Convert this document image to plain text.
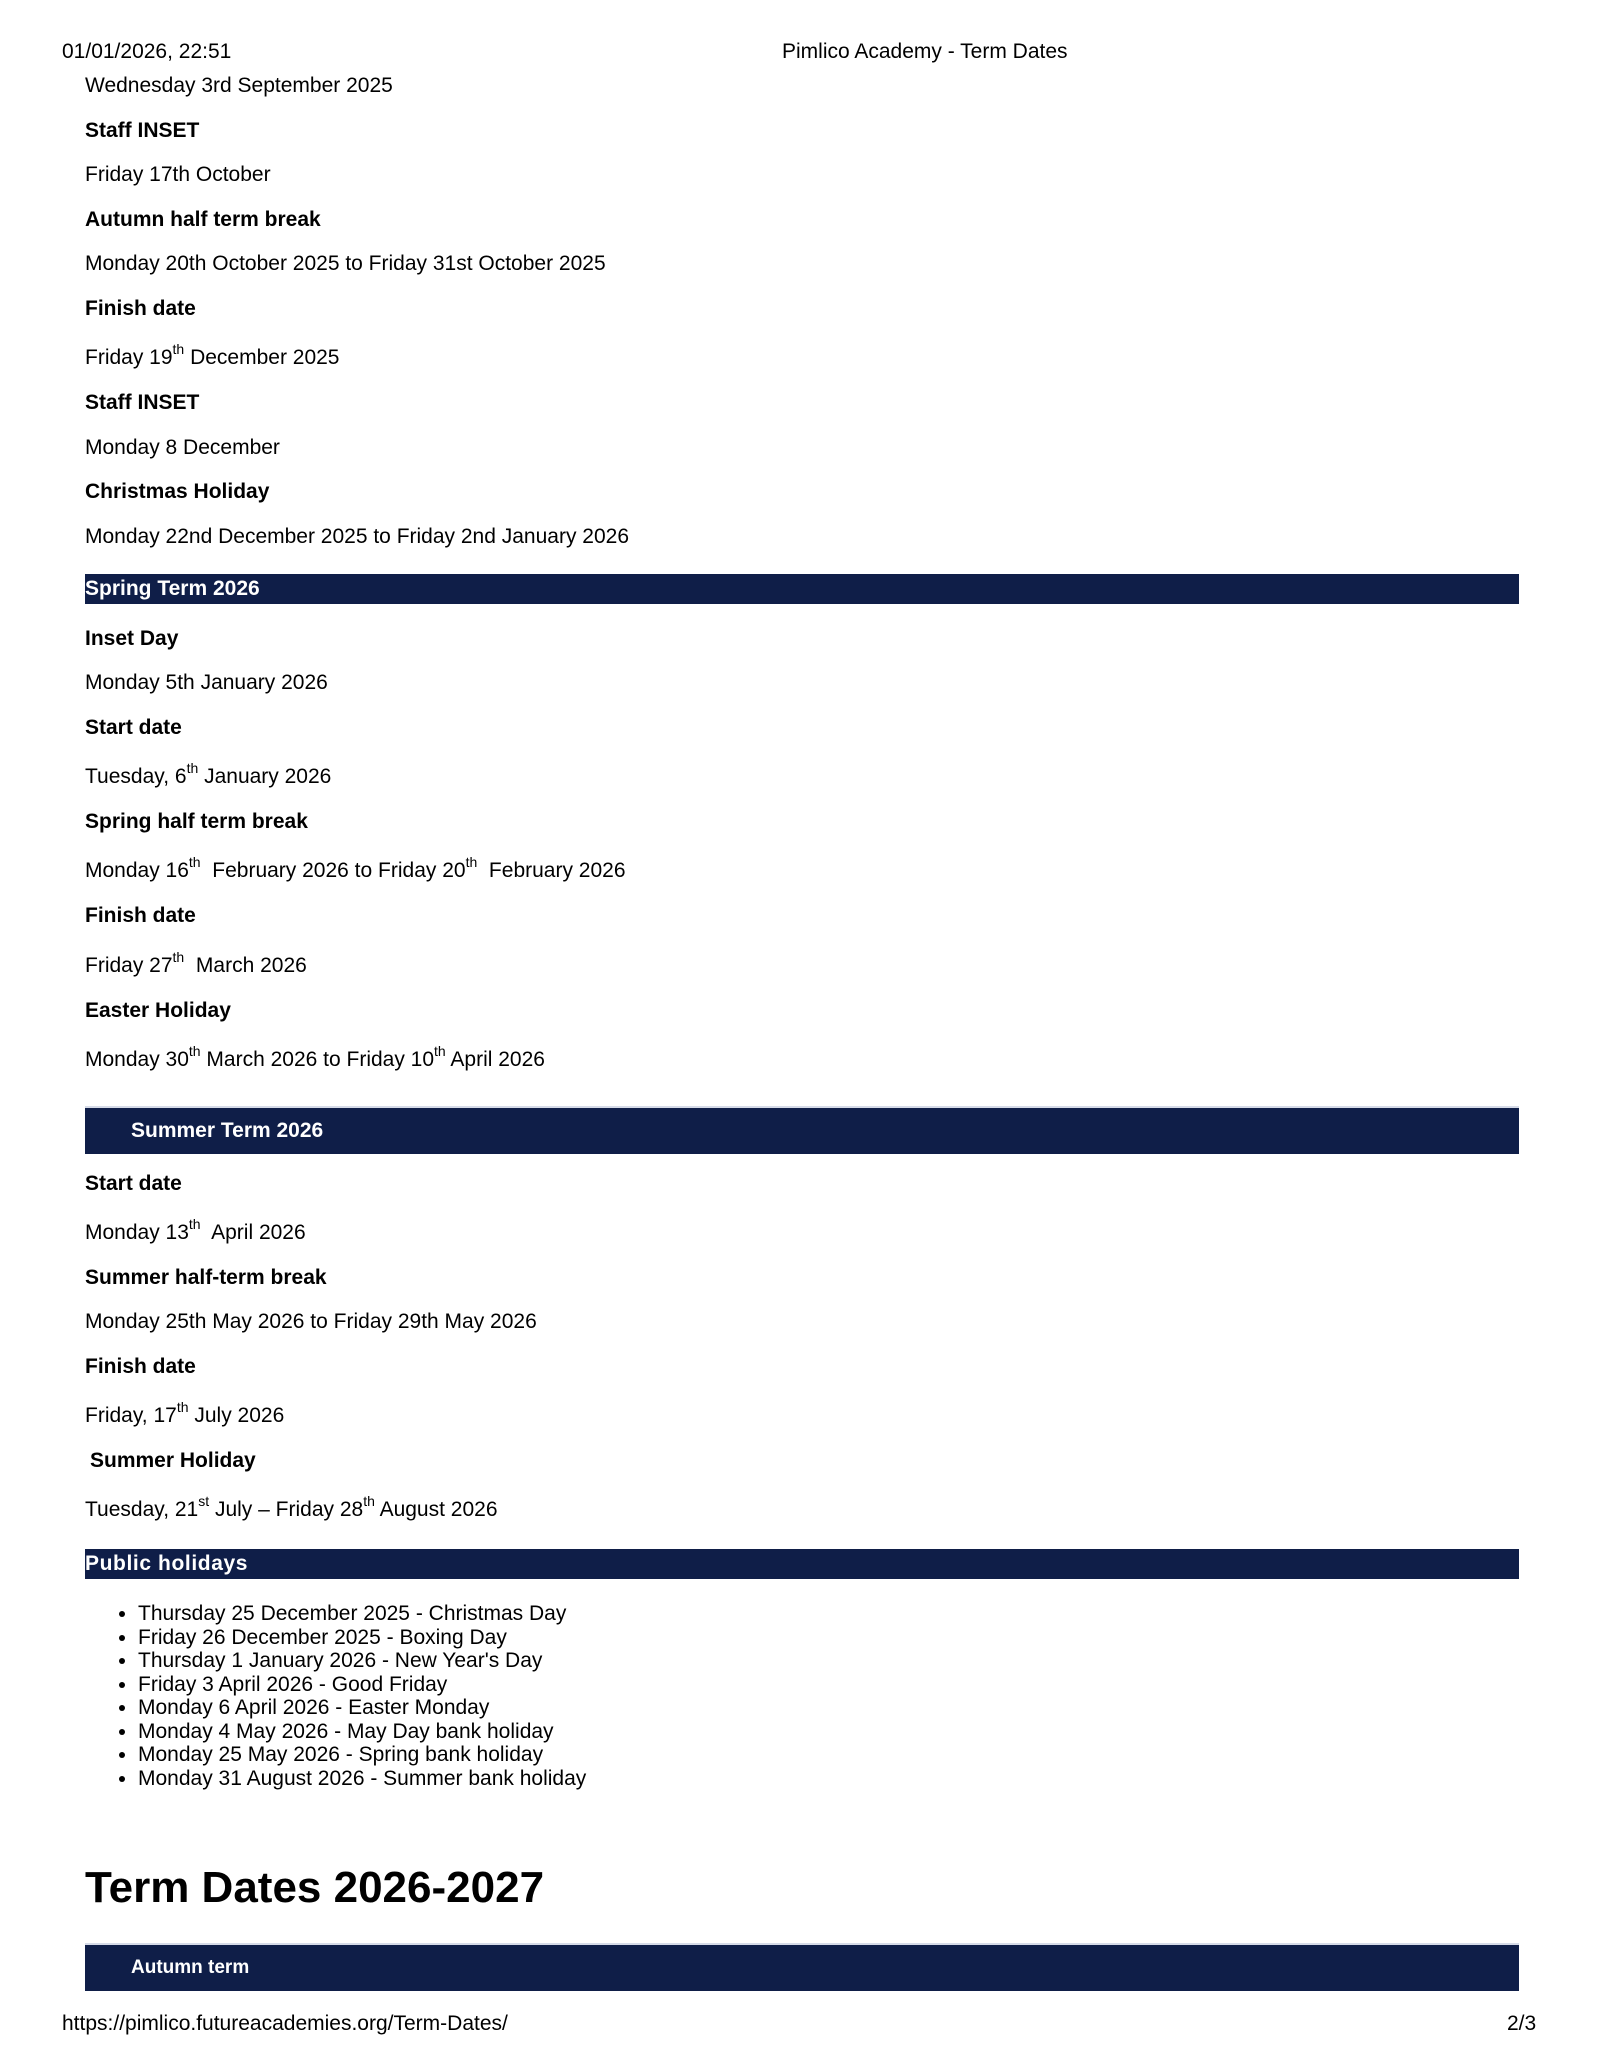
01/01/2026, 22:51	Pimlico Academy - Term Dates
Wednesday 3rd September 2025
Staff INSET
Friday 17th October
Autumn half term break
Monday 20th October 2025 to Friday 31st October 2025
Finish date
Friday 19th December 2025
Staff INSET
Monday 8 December
Christmas Holiday
Monday 22nd December 2025 to Friday 2nd January 2026
Spring Term 2026
Inset Day
Monday 5th January 2026
Start date
Tuesday, 6th January 2026
Spring half term break
Monday 16th  February 2026 to Friday 20th  February 2026
Finish date
Friday 27th  March 2026
Easter Holiday
Monday 30th March 2026 to Friday 10th April 2026
Summer Term 2026
Start date
Monday 13th  April 2026
Summer half-term break
Monday 25th May 2026 to Friday 29th May 2026
Finish date
Friday, 17th July 2026
Summer Holiday
Tuesday, 21st July – Friday 28th August 2026
Public holidays
• Thursday 25 December 2025 - Christmas Day
• Friday 26 December 2025 - Boxing Day
• Thursday 1 January 2026 - New Year's Day
• Friday 3 April 2026 - Good Friday
• Monday 6 April 2026 - Easter Monday
• Monday 4 May 2026 - May Day bank holiday
• Monday 25 May 2026 - Spring bank holiday
• Monday 31 August 2026 - Summer bank holiday
Term Dates 2026-2027
Autumn term
https://pimlico.futureacademies.org/Term-Dates/	2/3
